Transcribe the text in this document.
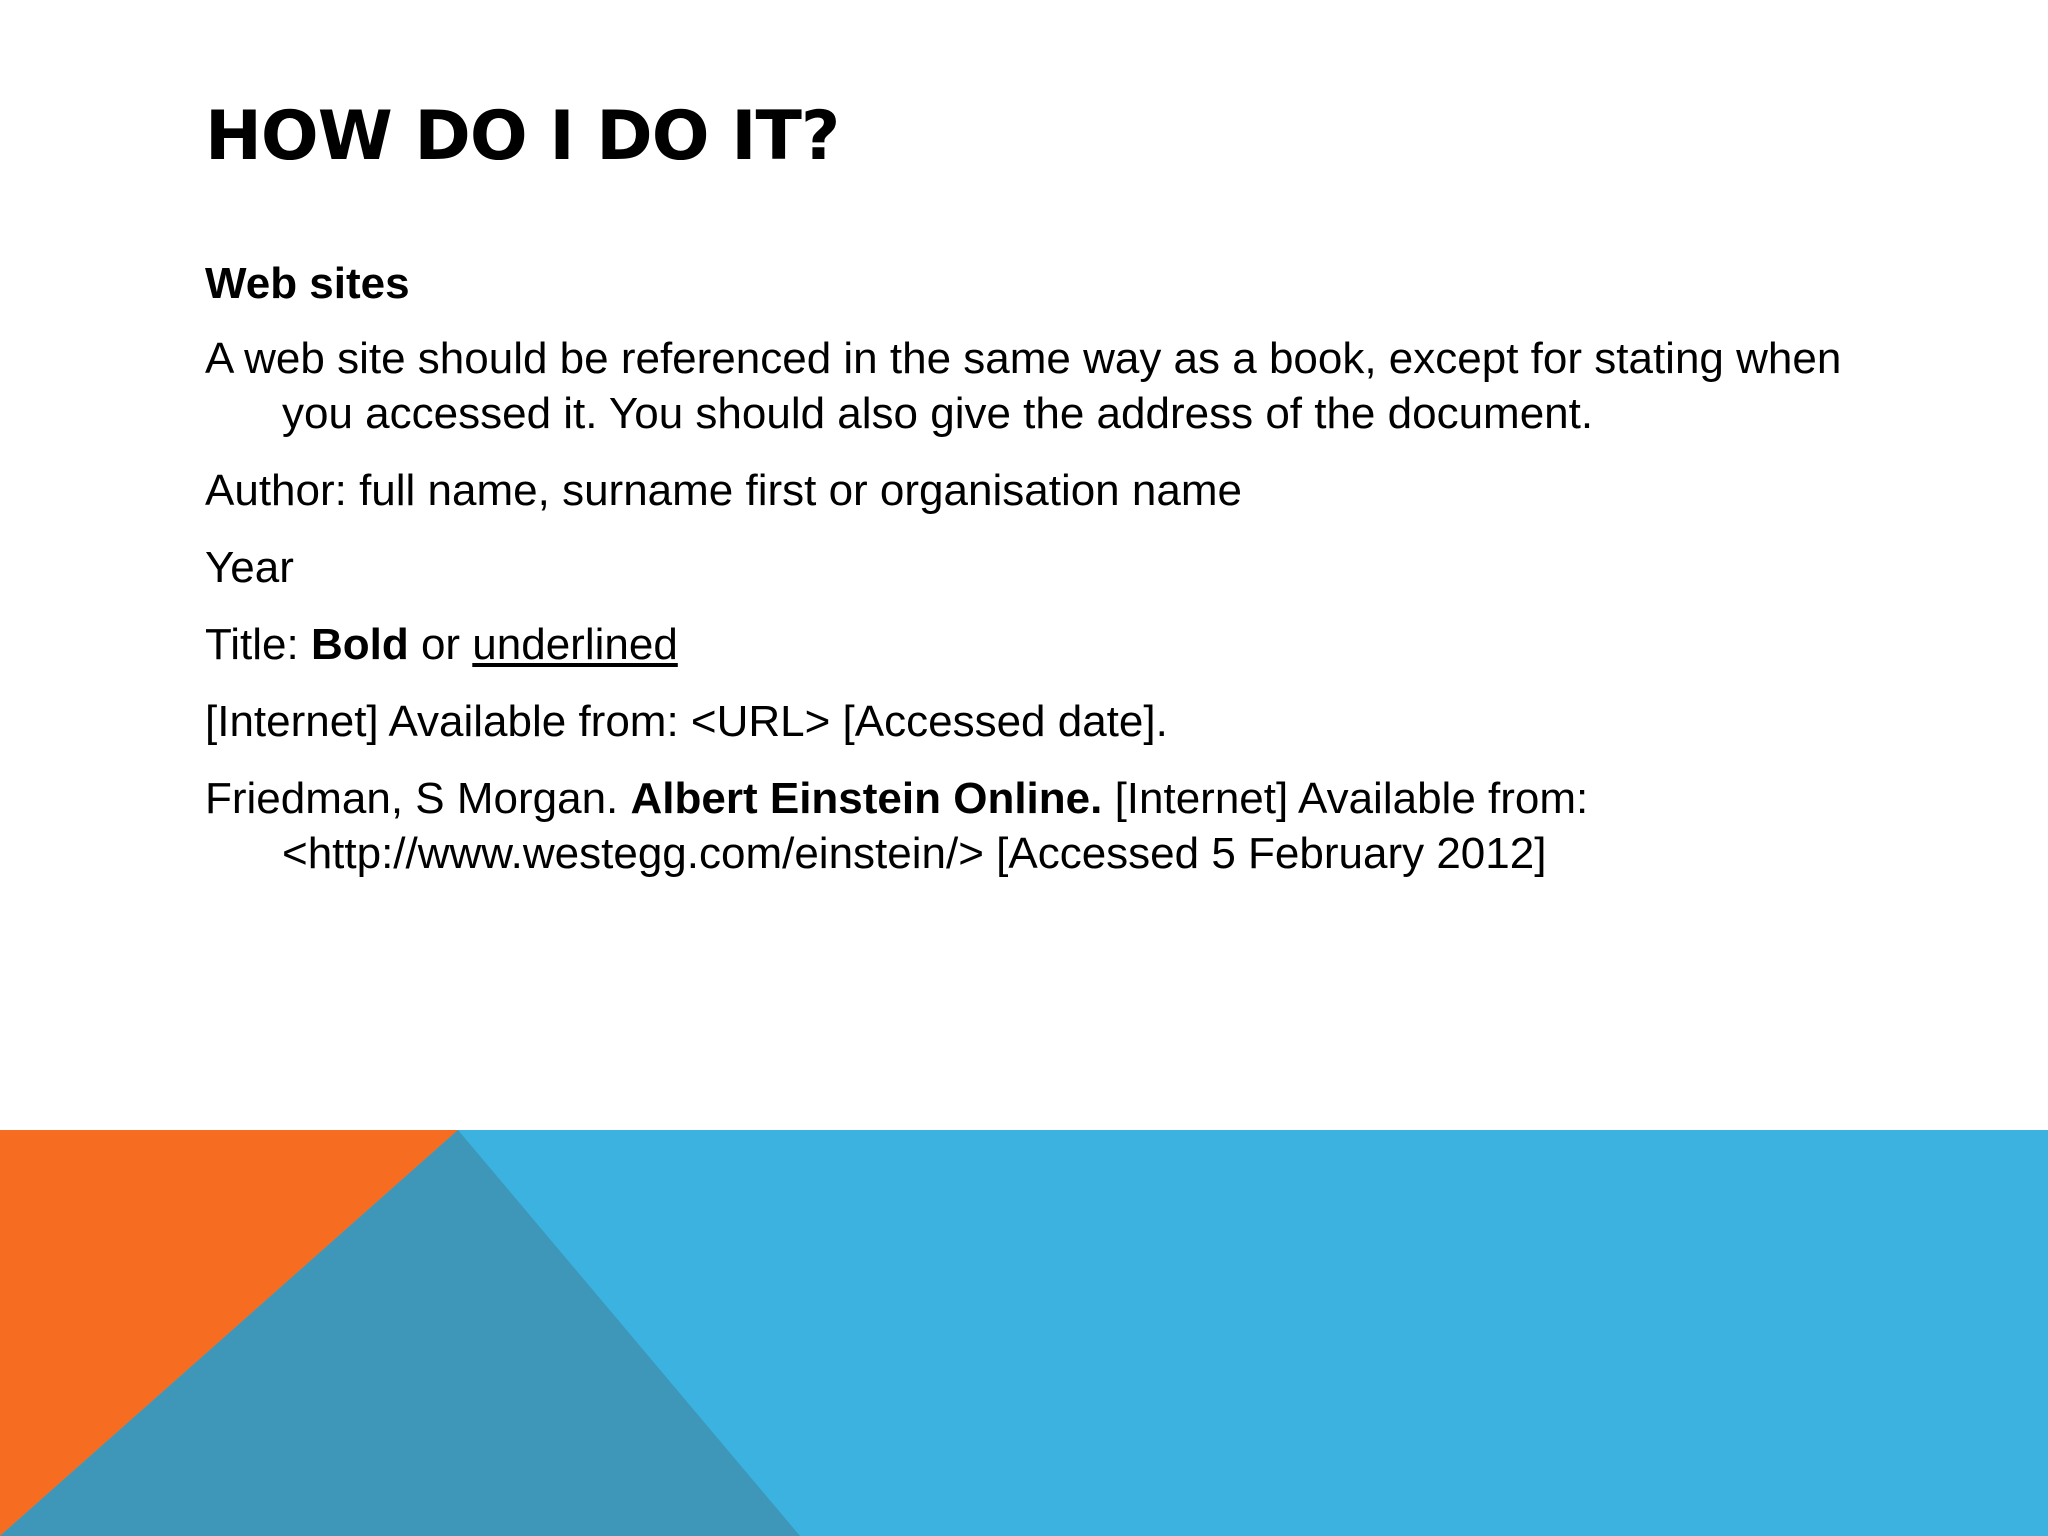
HOW DO I DO IT?

Web sites

A web site should be referenced in the same way as a book, except for stating when you accessed it. You should also give the address of the document.

Author: full name, surname first or organisation name

Year

Title: Bold or underlined

[Internet] Available from: <URL> [Accessed date].

Friedman, S Morgan. Albert Einstein Online. [Internet] Available from: <http://www.westegg.com/einstein/> [Accessed 5 February 2012]
